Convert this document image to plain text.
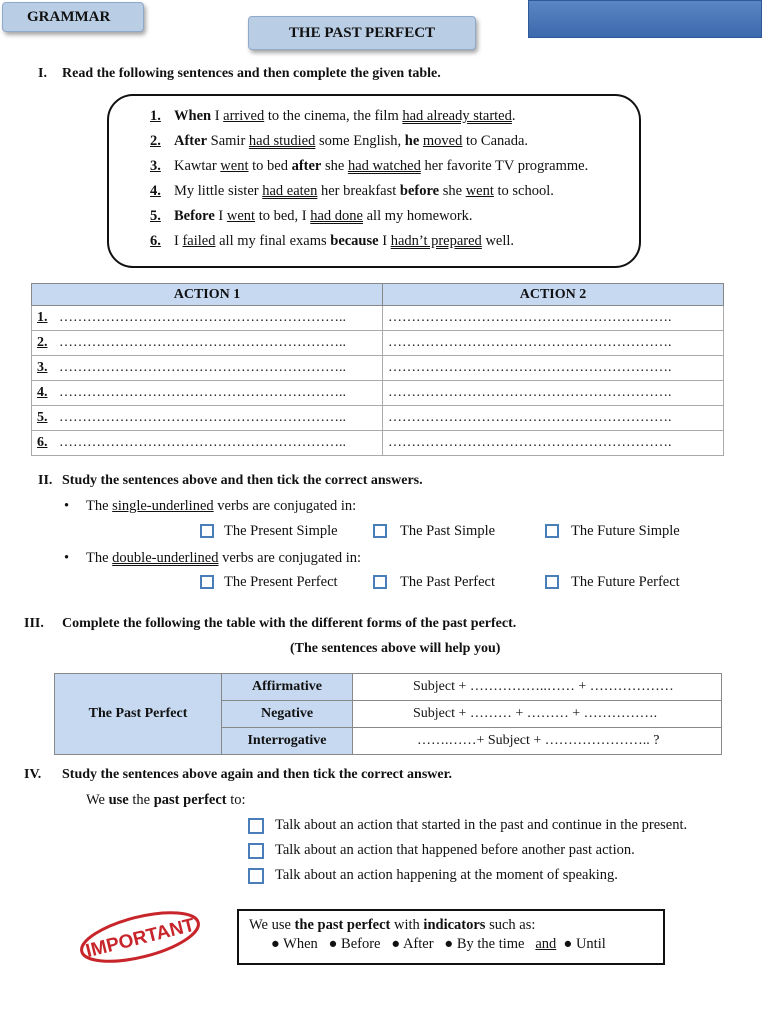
GRAMMAR
THE PAST PERFECT
I. Read the following sentences and then complete the given table.
1. When I arrived to the cinema, the film had already started.
2. After Samir had studied some English, he moved to Canada.
3. Kawtar went to bed after she had watched her favorite TV programme.
4. My little sister had eaten her breakfast before she went to school.
5. Before I went to bed, I had done all my homework.
6. I failed all my final exams because I hadn’t prepared well.
ACTION 1	ACTION 2
1. ……………………………………………………..	…………………………………………………….
2. ……………………………………………………..	…………………………………………………….
3. ……………………………………………………..	…………………………………………………….
4. ……………………………………………………..	…………………………………………………….
5. ……………………………………………………..	…………………………………………………….
6. ……………………………………………………..	…………………………………………………….
II. Study the sentences above and then tick the correct answers.
• The single-underlined verbs are conjugated in:
The Present Simple	The Past Simple	The Future Simple
• The double-underlined verbs are conjugated in:
The Present Perfect	The Past Perfect	The Future Perfect
III. Complete the following the table with the different forms of the past perfect.
(The sentences above will help you)
The Past Perfect	Affirmative	Subject + ……………..…… + ………………
	Negative	Subject + ……… + ……… + …………….
	Interrogative	…….……+ Subject + ………………….. ?
IV. Study the sentences above again and then tick the correct answer.
We use the past perfect to:
Talk about an action that started in the past and continue in the present.
Talk about an action that happened before another past action.
Talk about an action happening at the moment of speaking.
IMPORTANT	We use the past perfect with indicators such as:
● When ● Before ● After ● By the time and ● Until
